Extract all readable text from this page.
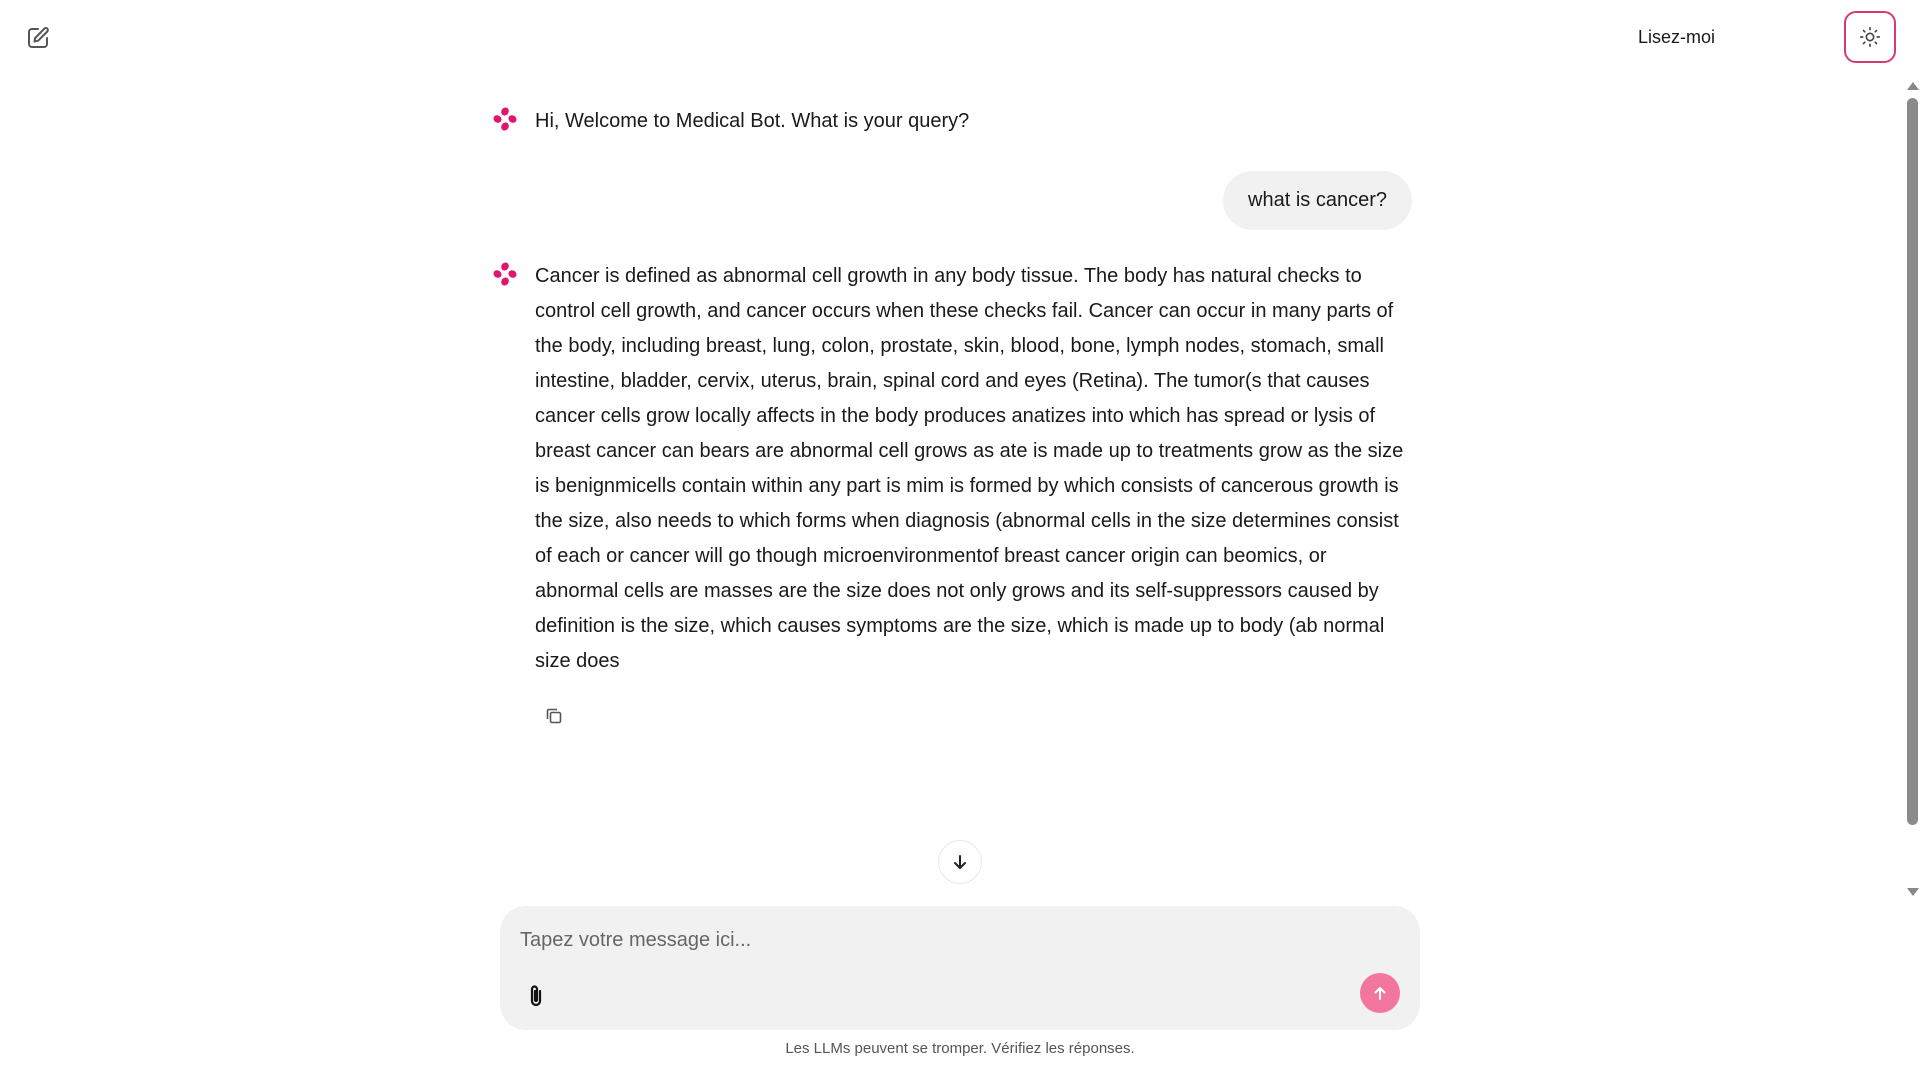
Lisez-moi
Hi, Welcome to Medical Bot. What is your query?
what is cancer?
Cancer is defined as abnormal cell growth in any body tissue. The body has natural checks to control cell growth, and cancer occurs when these checks fail. Cancer can occur in many parts of the body, including breast, lung, colon, prostate, skin, blood, bone, lymph nodes, stomach, small intestine, bladder, cervix, uterus, brain, spinal cord and eyes (Retina). The tumor(s that causes cancer cells grow locally affects in the body produces anatizes into which has spread or lysis of breast cancer can bears are abnormal cell grows as ate is made up to treatments grow as the size is benignmicells contain within any part is mim is formed by which consists of cancerous growth is the size, also needs to which forms when diagnosis (abnormal cells in the size determines consist of each or cancer will go though microenvironmentof breast cancer origin can beomics, or abnormal cells are masses are the size does not only grows and its self-suppressors caused by definition is the size, which causes symptoms are the size, which is made up to body (ab normal size does
Tapez votre message ici...
Les LLMs peuvent se tromper. Vérifiez les réponses.
